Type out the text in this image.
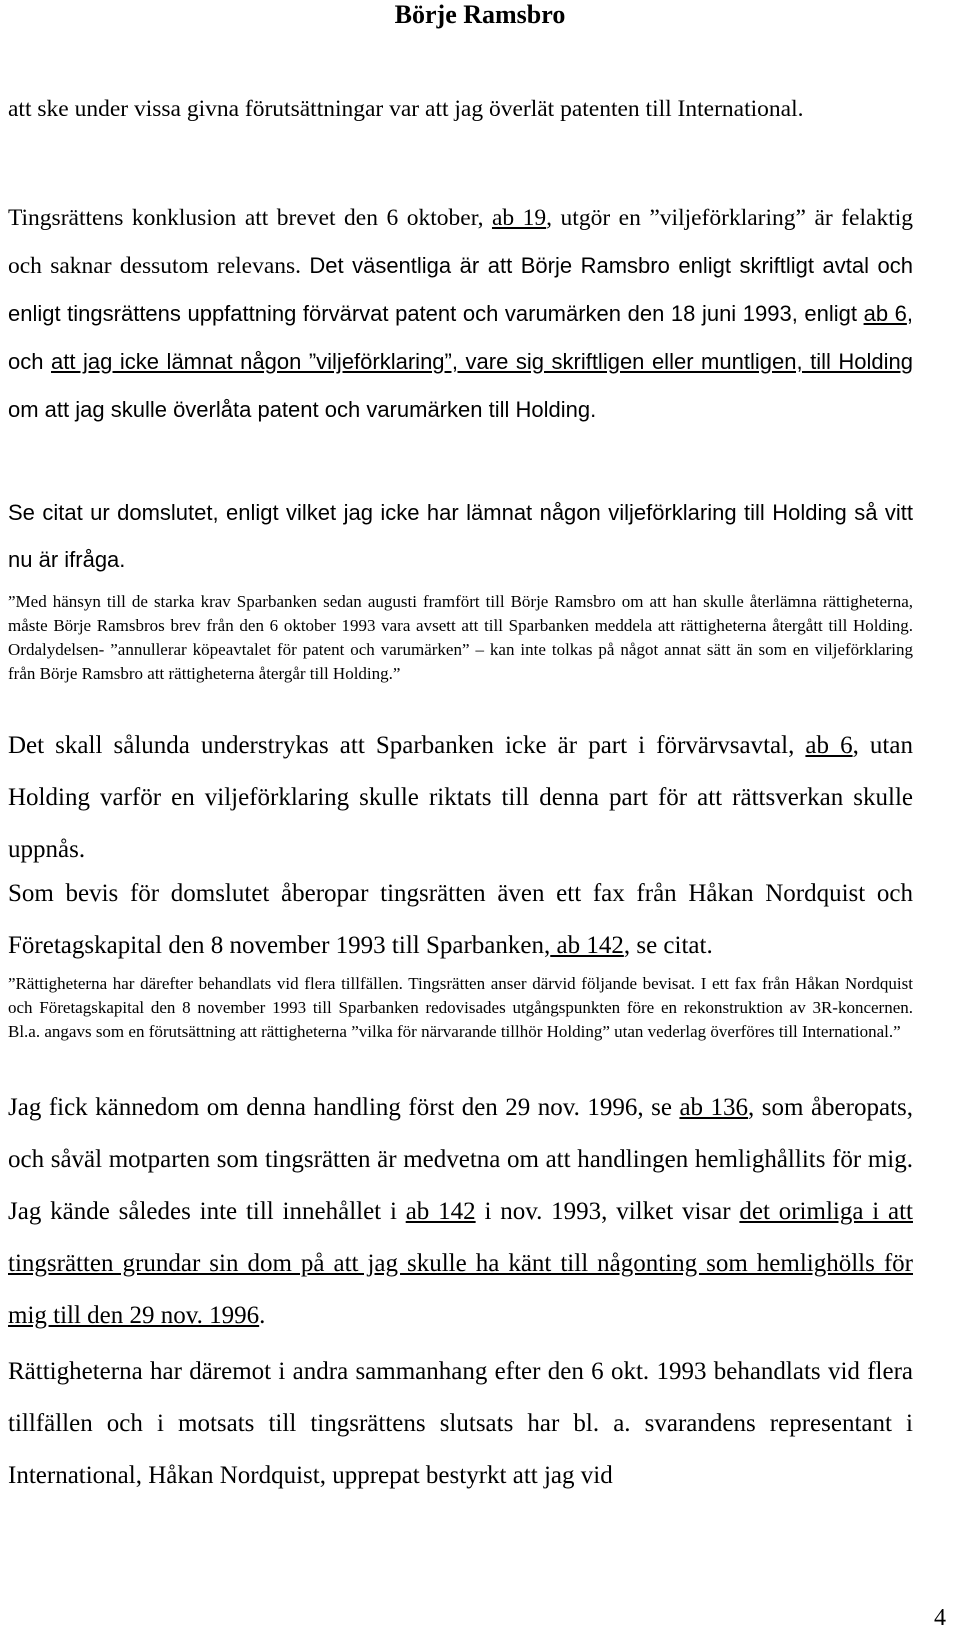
Börje Ramsbro

att ske under vissa givna förutsättningar var att jag överlät patenten till International.

Tingsrättens konklusion att brevet den 6 oktober, ab 19, utgör en ”viljeförklaring” är felaktig och saknar dessutom relevans. Det väsentliga är att Börje Ramsbro enligt skriftligt avtal och enligt tingsrättens uppfattning förvärvat patent och varumärken den 18 juni 1993, enligt ab 6, och att jag icke lämnat någon ”viljeförklaring”, vare sig skriftligen eller muntligen, till Holding om att jag skulle överlåta patent och varumärken till Holding.

Se citat ur domslutet, enligt vilket jag icke har lämnat någon viljeförklaring till Holding så vitt nu är ifråga.

”Med hänsyn till de starka krav Sparbanken sedan augusti framfört till Börje Ramsbro om att han skulle återlämna rättigheterna, måste Börje Ramsbros brev från den 6 oktober 1993 vara avsett att till Sparbanken meddela att rättigheterna återgått till Holding. Ordalydelsen- ”annullerar köpeavtalet för patent och varumärken” – kan inte tolkas på något annat sätt än som en viljeförklaring från Börje Ramsbro att rättigheterna återgår till Holding.”

Det skall sålunda understrykas att Sparbanken icke är part i förvärvsavtal, ab 6, utan Holding varför en viljeförklaring skulle riktats till denna part för att rättsverkan skulle uppnås.

Som bevis för domslutet åberopar tingsrätten även ett fax från Håkan Nordquist och Företagskapital den 8 november 1993 till Sparbanken, ab 142, se citat.

”Rättigheterna har därefter behandlats vid flera tillfällen. Tingsrätten anser därvid följande bevisat. I ett fax från Håkan Nordquist och Företagskapital den 8 november 1993 till Sparbanken redovisades utgångspunkten före en rekonstruktion av 3R-koncernen. Bl.a. angavs som en förutsättning att rättigheterna ”vilka för närvarande tillhör Holding” utan vederlag överföres till International.”

Jag fick kännedom om denna handling först den 29 nov. 1996, se ab 136, som åberopats, och såväl motparten som tingsrätten är medvetna om att handlingen hemlighållits för mig. Jag kände således inte till innehållet i ab 142 i nov. 1993, vilket visar det orimliga i att tingsrätten grundar sin dom på att jag skulle ha känt till någonting som hemlighölls för mig till den 29 nov. 1996.

Rättigheterna har däremot i andra sammanhang efter den 6 okt. 1993 behandlats vid flera tillfällen och i motsats till tingsrättens slutsats har bl. a. svarandens representant i International, Håkan Nordquist, upprepat bestyrkt att jag vid

4
